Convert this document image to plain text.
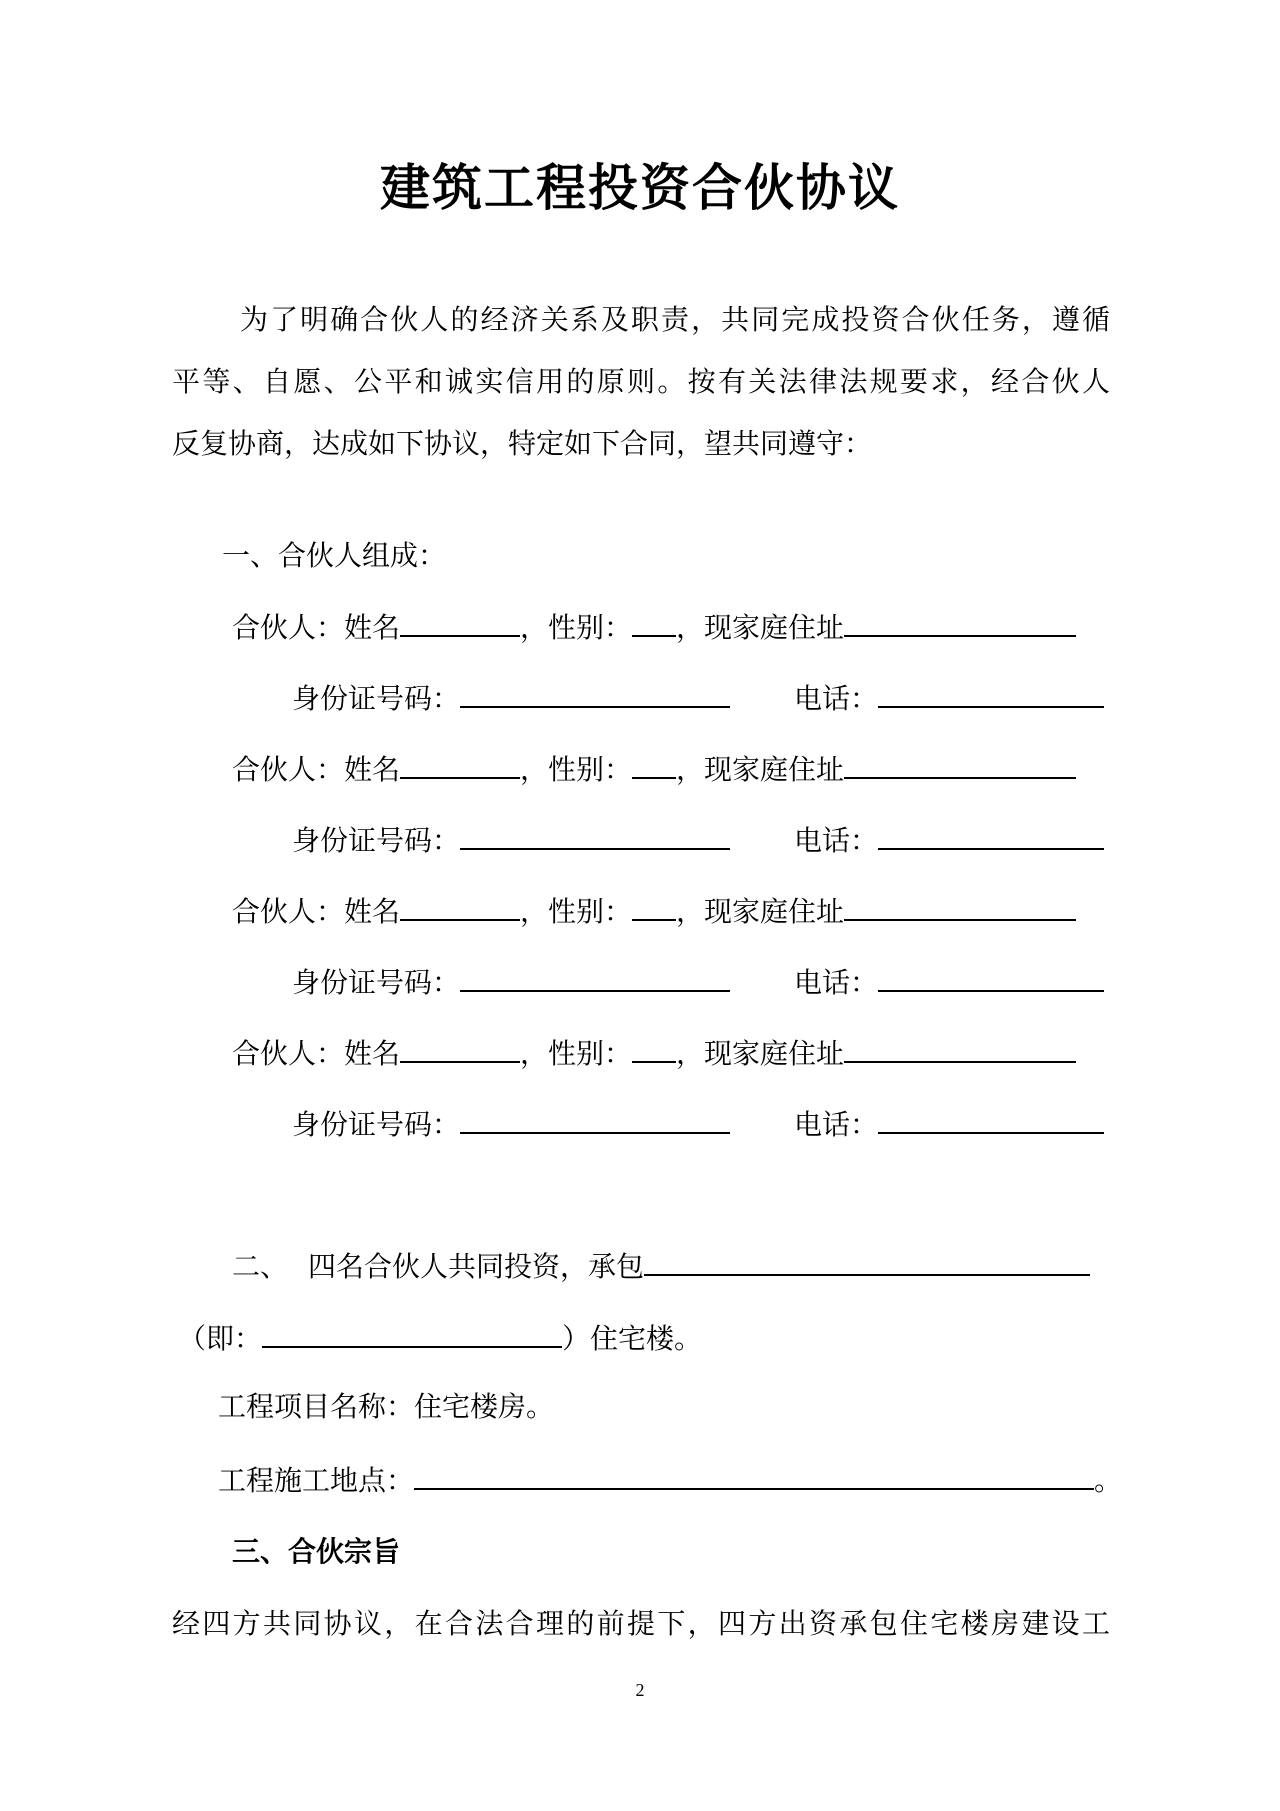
建筑工程投资合伙协议
为了明确合伙人的经济关系及职责，共同完成投资合伙任务，遵循
平等、自愿、公平和诚实信用的原则。按有关法律法规要求，经合伙人
反复协商，达成如下协议，特定如下合同，望共同遵守：
一、合伙人组成：
合伙人：姓名	，性别： ，现家庭住址
身份证号码：	电话：
合伙人：姓名	，性别： ，现家庭住址
身份证号码：	电话：
合伙人：姓名	，性别： ，现家庭住址
身份证号码：	电话：
合伙人：姓名	，性别： ，现家庭住址
身份证号码：	电话：
二、 四名合伙人共同投资，承包
（即：	）住宅楼。
工程项目名称：住宅楼房。
工程施工地点：	。
三、合伙宗旨
经四方共同协议，在合法合理的前提下，四方出资承包住宅楼房建设工
2
